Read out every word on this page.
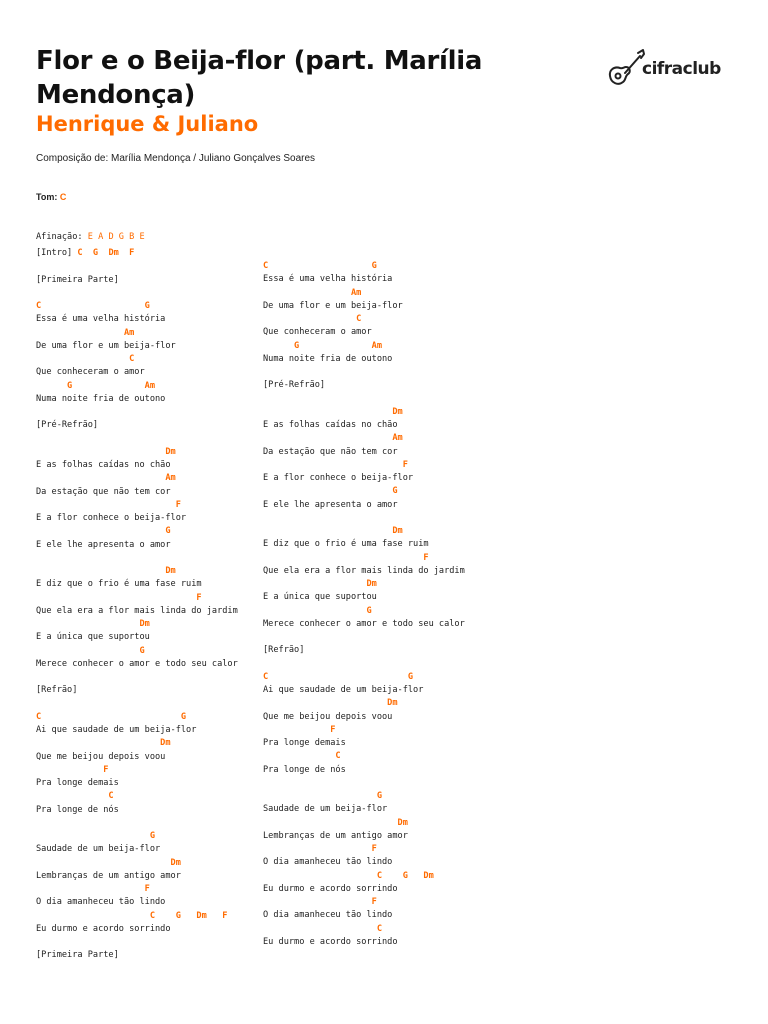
Flor e o Beija-flor (part. Marília Mendonça)
Henrique & Juliano
cifraclub
Composição de: Marília Mendonça / Juliano Gonçalves Soares
Tom: C
Afinação: E A D G B E
[Intro] C  G  Dm  F

[Primeira Parte]

C                    G
Essa é uma velha história
Am
De uma flor e um beija-flor
C
Que conheceram o amor
G              Am
Numa noite fria de outono

[Pré-Refrão]

Dm
E as folhas caídas no chão
Am
Da estação que não tem cor
F
E a flor conhece o beija-flor
G
E ele lhe apresenta o amor

Dm
E diz que o frio é uma fase ruim
F
Que ela era a flor mais linda do jardim
Dm
E a única que suportou
G
Merece conhecer o amor e todo seu calor

[Refrão]

C                           G
Ai que saudade de um beija-flor
Dm
Que me beijou depois voou
F
Pra longe demais
C
Pra longe de nós

G
Saudade de um beija-flor
Dm
Lembranças de um antigo amor
F
O dia amanheceu tão lindo
C    G   Dm   F
Eu durmo e acordo sorrindo

[Primeira Parte]
C                    G
Essa é uma velha história
Am
De uma flor e um beija-flor
C
Que conheceram o amor
G              Am
Numa noite fria de outono

[Pré-Refrão]

Dm
E as folhas caídas no chão
Am
Da estação que não tem cor
F
E a flor conhece o beija-flor
G
E ele lhe apresenta o amor

Dm
E diz que o frio é uma fase ruim
F
Que ela era a flor mais linda do jardim
Dm
E a única que suportou
G
Merece conhecer o amor e todo seu calor

[Refrão]

C                           G
Ai que saudade de um beija-flor
Dm
Que me beijou depois voou
F
Pra longe demais
C
Pra longe de nós

G
Saudade de um beija-flor
Dm
Lembranças de um antigo amor
F
O dia amanheceu tão lindo
C    G   Dm
Eu durmo e acordo sorrindo
F
O dia amanheceu tão lindo
C
Eu durmo e acordo sorrindo
